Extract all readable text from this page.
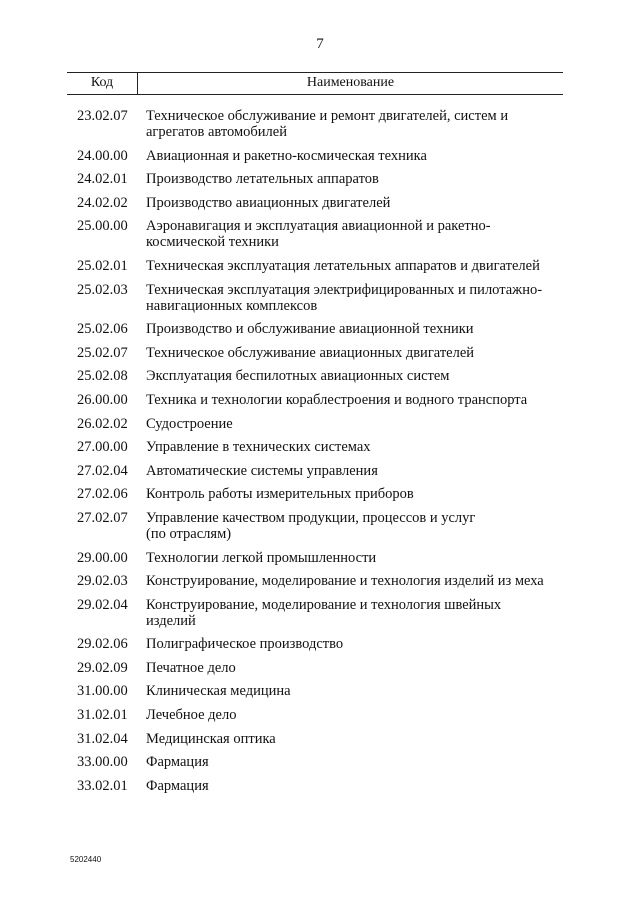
7
Код	Наименование
23.02.07	Техническое обслуживание и ремонт двигателей, систем и
агрегатов автомобилей
24.00.00	Авиационная и ракетно-космическая техника
24.02.01	Производство летательных аппаратов
24.02.02	Производство авиационных двигателей
25.00.00	Аэронавигация и эксплуатация авиационной и ракетно-
космической техники
25.02.01	Техническая эксплуатация летательных аппаратов и двигателей
25.02.03	Техническая эксплуатация электрифицированных и пилотажно-
навигационных комплексов
25.02.06	Производство и обслуживание авиационной техники
25.02.07	Техническое обслуживание авиационных двигателей
25.02.08	Эксплуатация беспилотных авиационных систем
26.00.00	Техника и технологии кораблестроения и водного транспорта
26.02.02	Судостроение
27.00.00	Управление в технических системах
27.02.04	Автоматические системы управления
27.02.06	Контроль работы измерительных приборов
27.02.07	Управление качеством продукции, процессов и услуг
(по отраслям)
29.00.00	Технологии легкой промышленности
29.02.03	Конструирование, моделирование и технология изделий из меха
29.02.04	Конструирование, моделирование и технология швейных
изделий
29.02.06	Полиграфическое производство
29.02.09	Печатное дело
31.00.00	Клиническая медицина
31.02.01	Лечебное дело
31.02.04	Медицинская оптика
33.00.00	Фармация
33.02.01	Фармация
5202440
